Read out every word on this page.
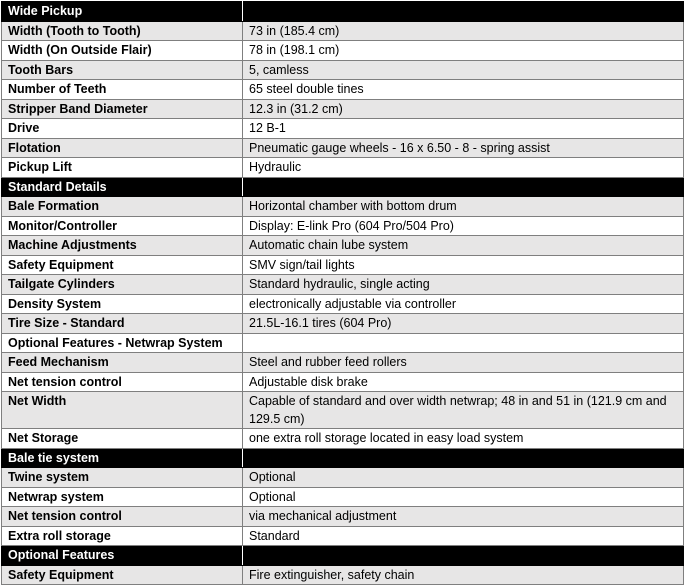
Wide Pickup	
Width (Tooth to Tooth)	73 in (185.4 cm)
Width (On Outside Flair)	78 in (198.1 cm)
Tooth Bars	5, camless
Number of Teeth	65 steel double tines
Stripper Band Diameter	12.3 in (31.2 cm)
Drive	12 B-1
Flotation	Pneumatic gauge wheels - 16 x 6.50 - 8 - spring assist
Pickup Lift	Hydraulic
Standard Details	
Bale Formation	Horizontal chamber with bottom drum
Monitor/Controller	Display: E-link Pro (604 Pro/504 Pro)
Machine Adjustments	Automatic chain lube system
Safety Equipment	SMV sign/tail lights
Tailgate Cylinders	Standard hydraulic, single acting
Density System	electronically adjustable via controller
Tire Size - Standard	21.5L-16.1 tires (604 Pro)
Optional Features - Netwrap System	
Feed Mechanism	Steel and rubber feed rollers
Net tension control	Adjustable disk brake
Net Width	Capable of standard and over width netwrap; 48 in and 51 in (121.9 cm and 129.5 cm)
Net Storage	one extra roll storage located in easy load system
Bale tie system	
Twine system	Optional
Netwrap system	Optional
Net tension control	via mechanical adjustment
Extra roll storage	Standard
Optional Features	
Safety Equipment	Fire extinguisher, safety chain
